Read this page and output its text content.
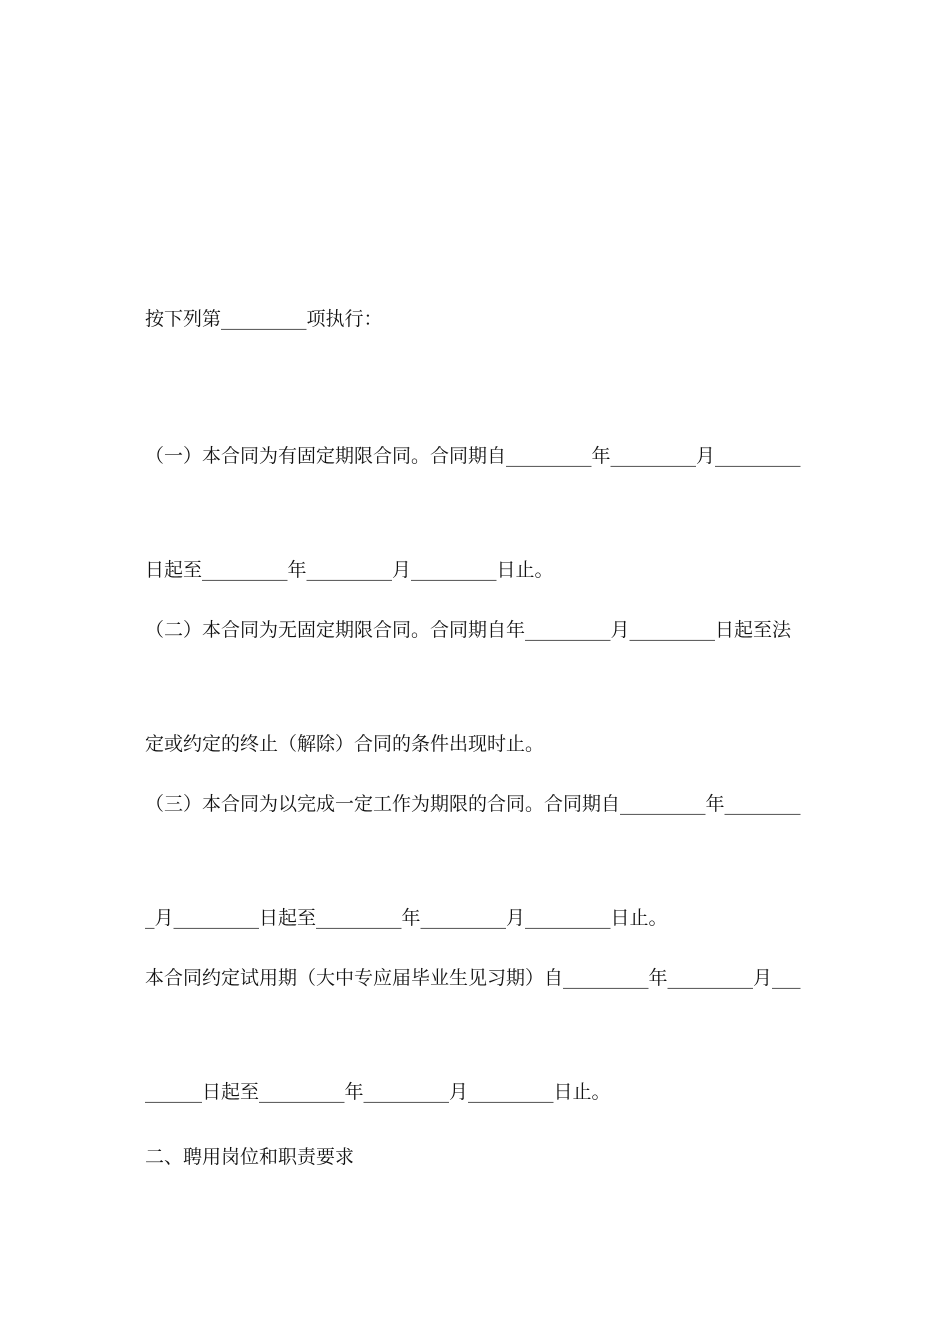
按下列第_________项执行：

（一）本合同为有固定期限合同。合同期自_________年_________月_________

日起至_________年_________月_________日止。

（二）本合同为无固定期限合同。合同期自年_________月_________日起至法

定或约定的终止（解除）合同的条件出现时止。

（三）本合同为以完成一定工作为期限的合同。合同期自_________年________

_月_________日起至_________年_________月_________日止。

本合同约定试用期（大中专应届毕业生见习期）自_________年_________月___

______日起至_________年_________月_________日止。

二、聘用岗位和职责要求
